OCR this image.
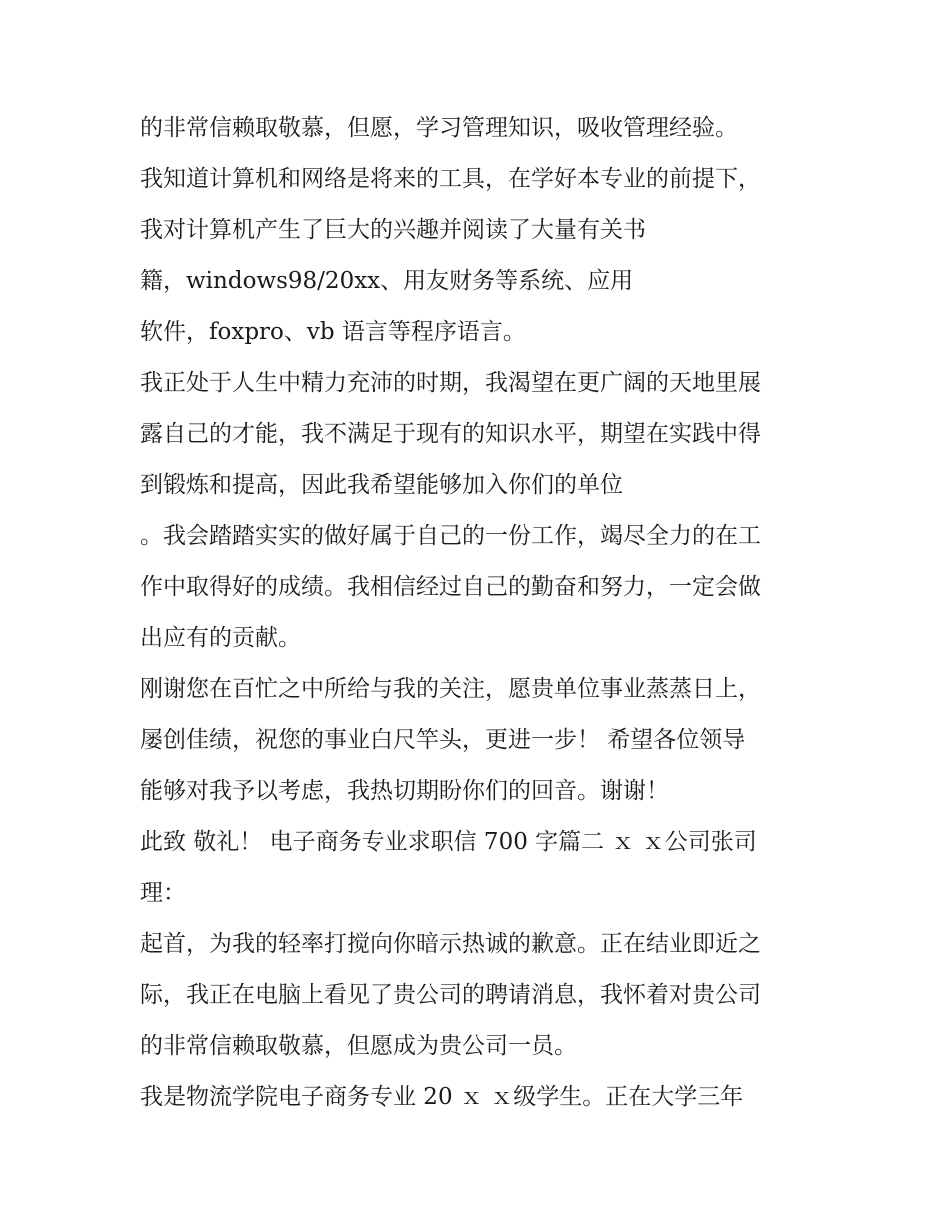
的非常信赖取敬慕，但愿，学习管理知识，吸收管理经验。

我知道计算机和网络是将来的工具，在学好本专业的前提下，

我对计算机产生了巨大的兴趣并阅读了大量有关书

籍，windows98/20xx、用友财务等系统、应用

软件，foxpro、vb 语言等程序语言。

我正处于人生中精力充沛的时期，我渴望在更广阔的天地里展

露自己的才能，我不满足于现有的知识水平，期望在实践中得

到锻炼和提高，因此我希望能够加入你们的单位

。我会踏踏实实的做好属于自己的一份工作，竭尽全力的在工

作中取得好的成绩。我相信经过自己的勤奋和努力，一定会做

出应有的贡献。

刚谢您在百忙之中所给与我的关注，愿贵单位事业蒸蒸日上，

屡创佳绩，祝您的事业白尺竿头，更进一步！ 希望各位领导

能够对我予以考虑，我热切期盼你们的回音。谢谢！

此致 敬礼！ 电子商务专业求职信 700 字篇二 ｘ ｘ公司张司

理：

起首，为我的轻率打搅向你暗示热诚的歉意。正在结业即近之

际，我正在电脑上看见了贵公司的聘请消息，我怀着对贵公司

的非常信赖取敬慕，但愿成为贵公司一员。

我是物流学院电子商务专业 20 ｘ ｘ级学生。正在大学三年
